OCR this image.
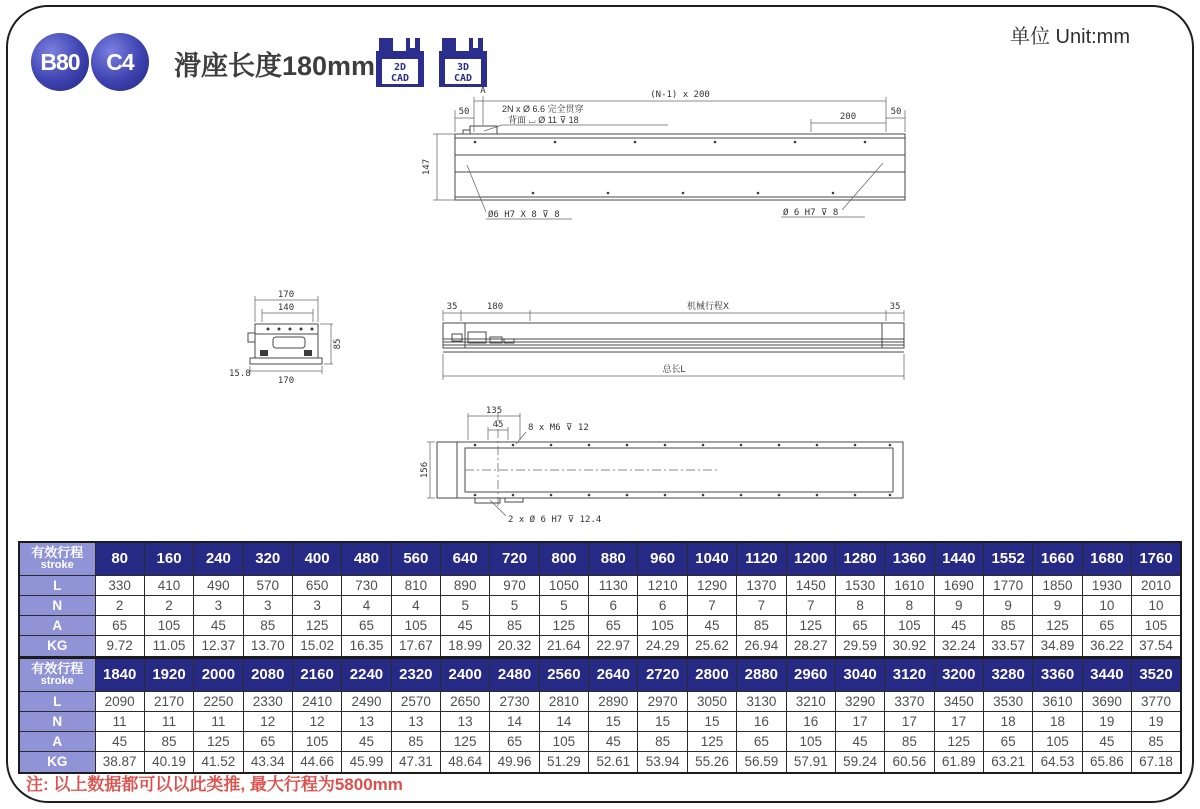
B80	C4	滑座长度180mm 2D
CAD
3D
CAD
单位 Unit:mm
(N-1) x 200
50	200	50
A
2N x Ø 6.6 完全贯穿
背面 ⌴ Ø 11 ⊽ 18
147
Ø6 H7 X 8 ⊽ 8	Ø 6 H7 ⊽ 8
170
140
85
15.8
170
35	180	机械行程X	35
总长L
135
45	8 x M6 ⊽ 12
156
2 x Ø 6 H7 ⊽ 12.4
有效行程
stroke	80	160	240	320	400	480	560	640	720	800	880	960	1040	1120	1200	1280	1360	1440	1552	1660	1680	1760
L	330	410	490	570	650	730	810	890	970	1050	1130	1210	1290	1370	1450	1530	1610	1690	1770	1850	1930	2010
N	2	2	3	3	3	4	4	5	5	5	6	6	7	7	7	8	8	9	9	9	10	10
A	65	105	45	85	125	65	105	45	85	125	65	105	45	85	125	65	105	45	85	125	65	105
KG	9.72	11.05	12.37	13.70	15.02	16.35	17.67	18.99	20.32	21.64	22.97	24.29	25.62	26.94	28.27	29.59	30.92	32.24	33.57	34.89	36.22	37.54
有效行程
stroke	1840	1920	2000	2080	2160	2240	2320	2400	2480	2560	2640	2720	2800	2880	2960	3040	3120	3200	3280	3360	3440	3520
L	2090	2170	2250	2330	2410	2490	2570	2650	2730	2810	2890	2970	3050	3130	3210	3290	3370	3450	3530	3610	3690	3770
N	11	11	11	12	12	13	13	13	14	14	15	15	15	16	16	17	17	17	18	18	19	19
A	45	85	125	65	105	45	85	125	65	105	45	85	125	65	105	45	85	125	65	105	45	85
KG	38.87	40.19	41.52	43.34	44.66	45.99	47.31	48.64	49.96	51.29	52.61	53.94	55.26	56.59	57.91	59.24	60.56	61.89	63.21	64.53	65.86	67.18
注: 以上数据都可以以此类推, 最大行程为5800mm
